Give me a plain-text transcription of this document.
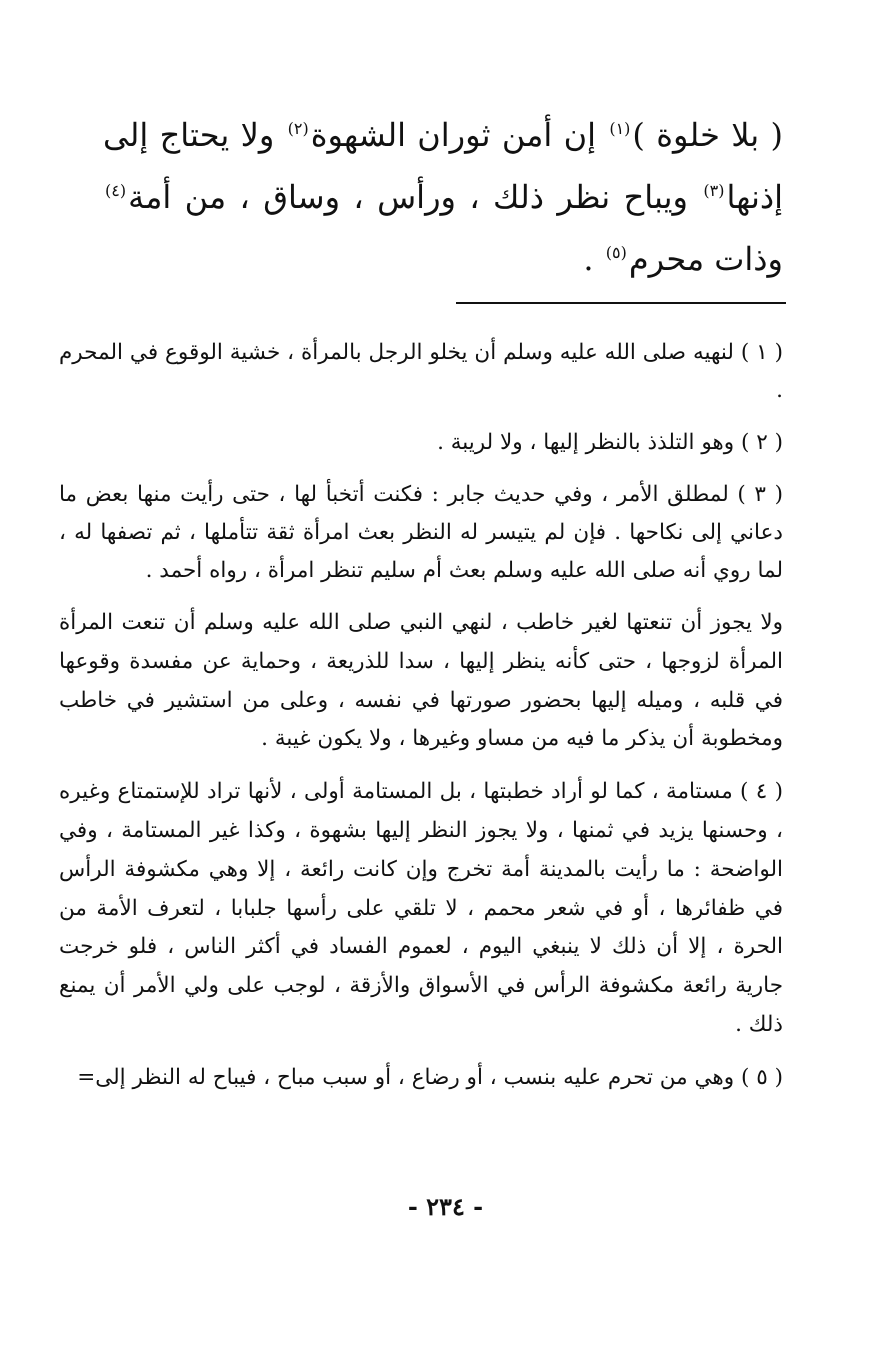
( بلا خلوة )$^{(١)}$ إن أمن ثوران الشهوة$^{(٢)}$ ولا يحتاج إلى إذنها$^{(٣)}$ ويباح نظر ذلك ، ورأس ، وساق ، من أمة$^{(٤)}$ وذات محرم$^{(٥)}$ .

( ١ ) لنهيه صلى الله عليه وسلم أن يخلو الرجل بالمرأة ، خشية الوقوع في المحرم .

( ٢ ) وهو التلذذ بالنظر إليها ، ولا لريبة .

( ٣ ) لمطلق الأمر ، وفي حديث جابر : فكنت أتخبأ لها ، حتى رأيت منها بعض ما دعاني إلى نكاحها . فإن لم يتيسر له النظر بعث امرأة ثقة تتأملها ، ثم تصفها له ، لما روي أنه صلى الله عليه وسلم بعث أم سليم تنظر امرأة ، رواه أحمد .

ولا يجوز أن تنعتها لغير خاطب ، لنهي النبي صلى الله عليه وسلم أن تنعت المرأة المرأة لزوجها ، حتى كأنه ينظر إليها ، سدا للذريعة ، وحماية عن مفسدة وقوعها في قلبه ، وميله إليها بحضور صورتها في نفسه ، وعلى من استشير في خاطب ومخطوبة أن يذكر ما فيه من مساو وغيرها ، ولا يكون غيبة .

( ٤ ) مستامة ، كما لو أراد خطبتها ، بل المستامة أولى ، لأنها تراد للإستمتاع وغيره ، وحسنها يزيد في ثمنها ، ولا يجوز النظر إليها بشهوة ، وكذا غير المستامة ، وفي الواضحة : ما رأيت بالمدينة أمة تخرج وإن كانت رائعة ، إلا وهي مكشوفة الرأس في ظفائرها ، أو في شعر محمم ، لا تلقي على رأسها جلبابا ، لتعرف الأمة من الحرة ، إلا أن ذلك لا ينبغي اليوم ، لعموم الفساد في أكثر الناس ، فلو خرجت جارية رائعة مكشوفة الرأس في الأسواق والأزقة ، لوجب على ولي الأمر أن يمنع ذلك .

( ٥ ) وهي من تحرم عليه بنسب ، أو رضاع ، أو سبب مباح ، فيباح له النظر إلى=

- ٢٣٤ -
